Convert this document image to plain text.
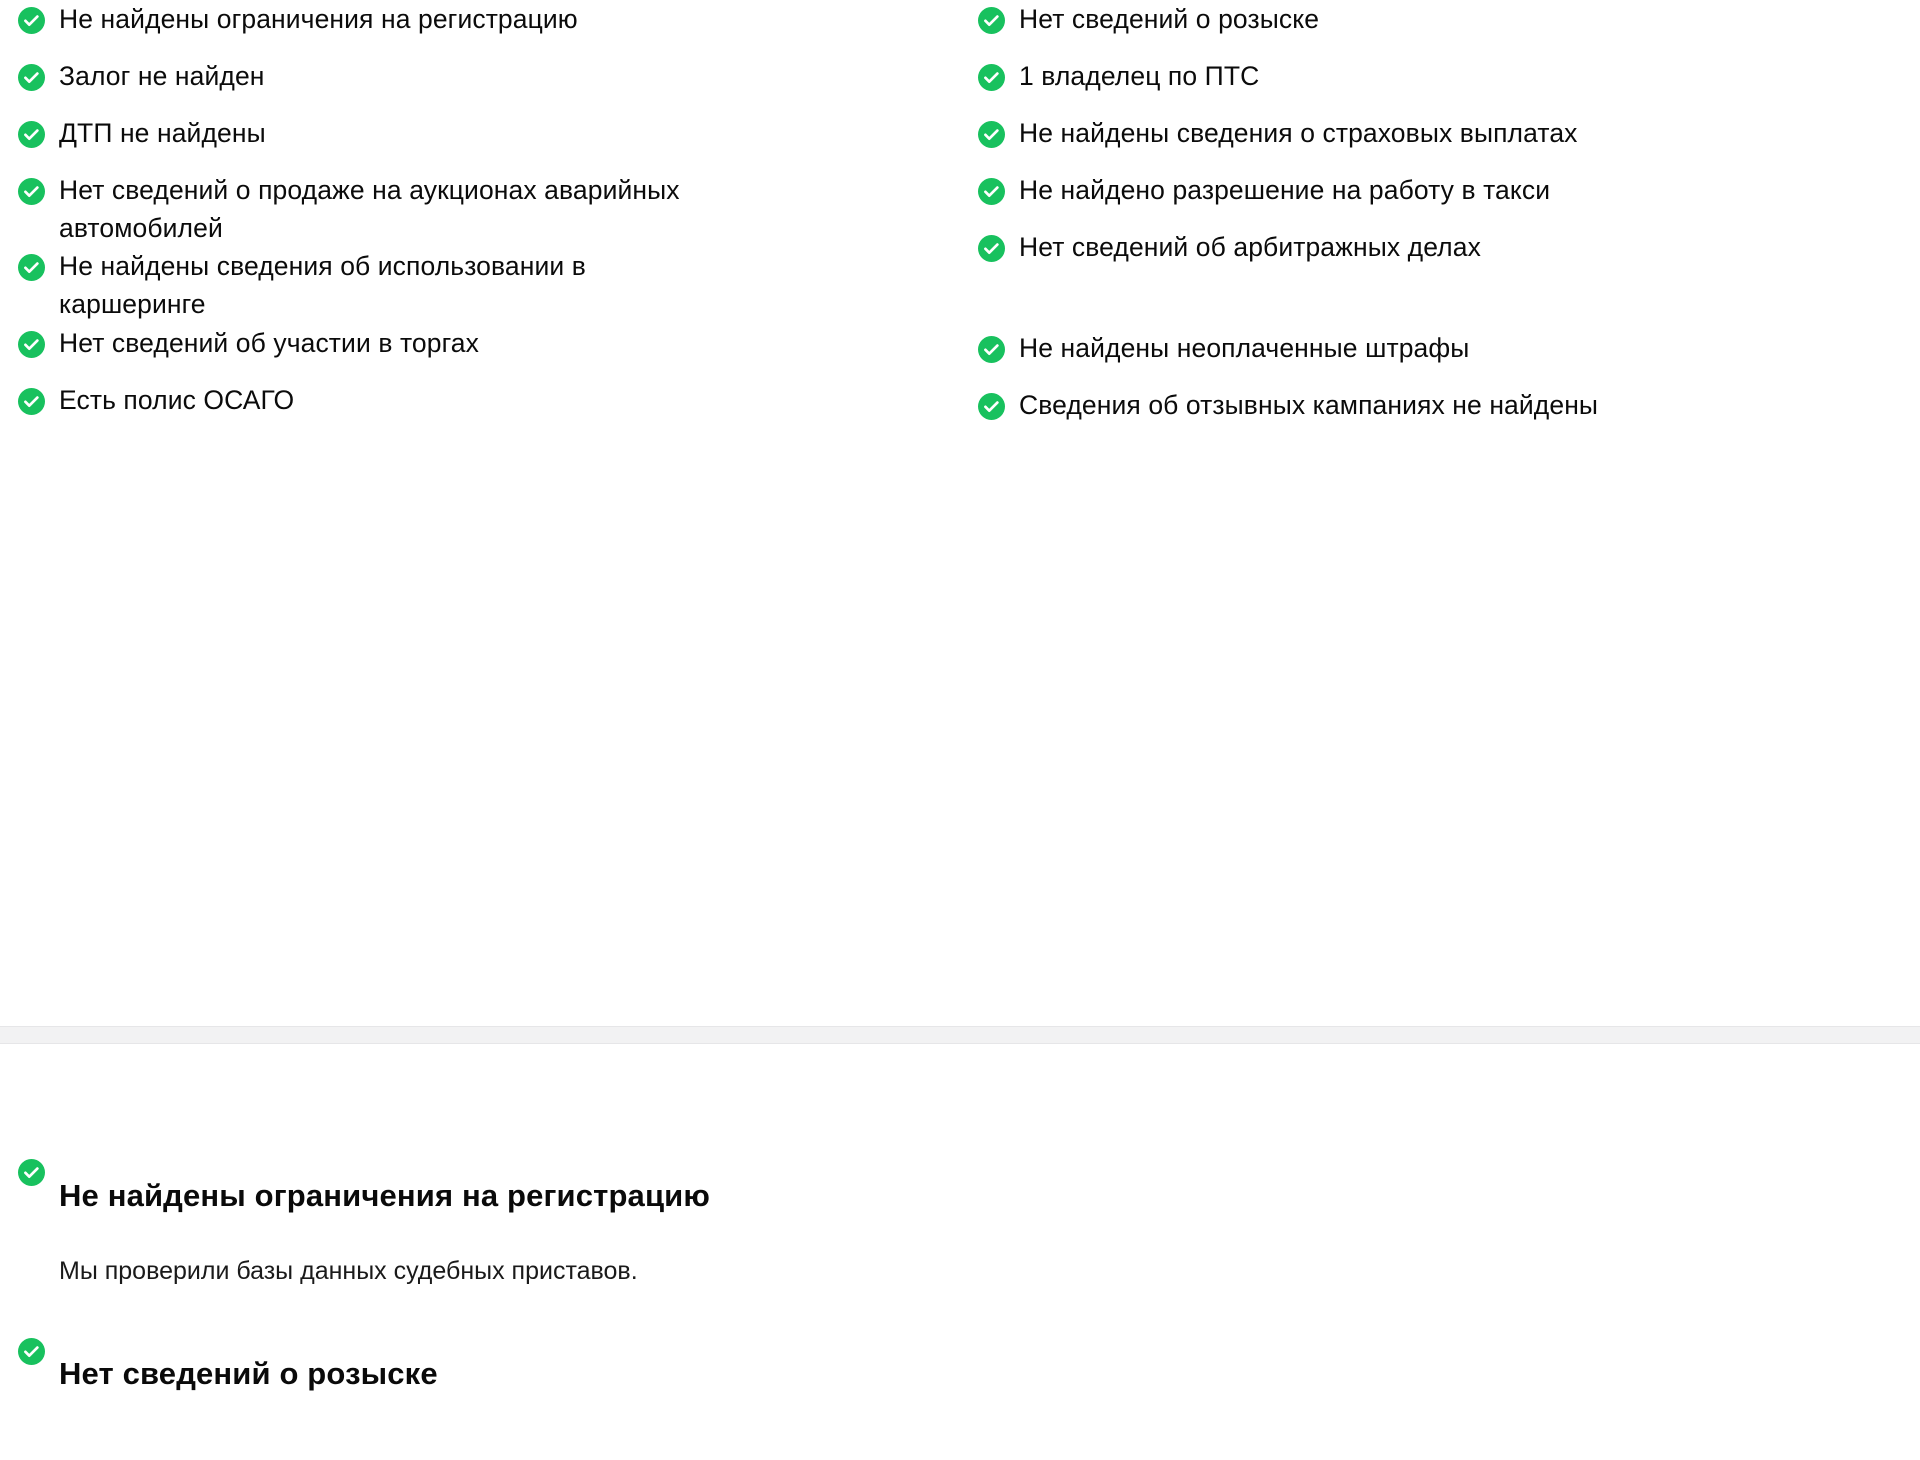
Не найдены ограничения на регистрацию
Залог не найден
ДТП не найдены
Нет сведений о продаже на аукционах аварийных автомобилей
Не найдены сведения об использовании в каршеринге
Нет сведений об участии в торгах
Есть полис ОСАГО
Нет сведений о розыске
1 владелец по ПТС
Не найдены сведения о страховых выплатах
Не найдено разрешение на работу в такси
Нет сведений об арбитражных делах
Не найдены неоплаченные штрафы
Сведения об отзывных кампаниях не найдены
Не найдены ограничения на регистрацию

Мы проверили базы данных судебных приставов.

Нет сведений о розыске
